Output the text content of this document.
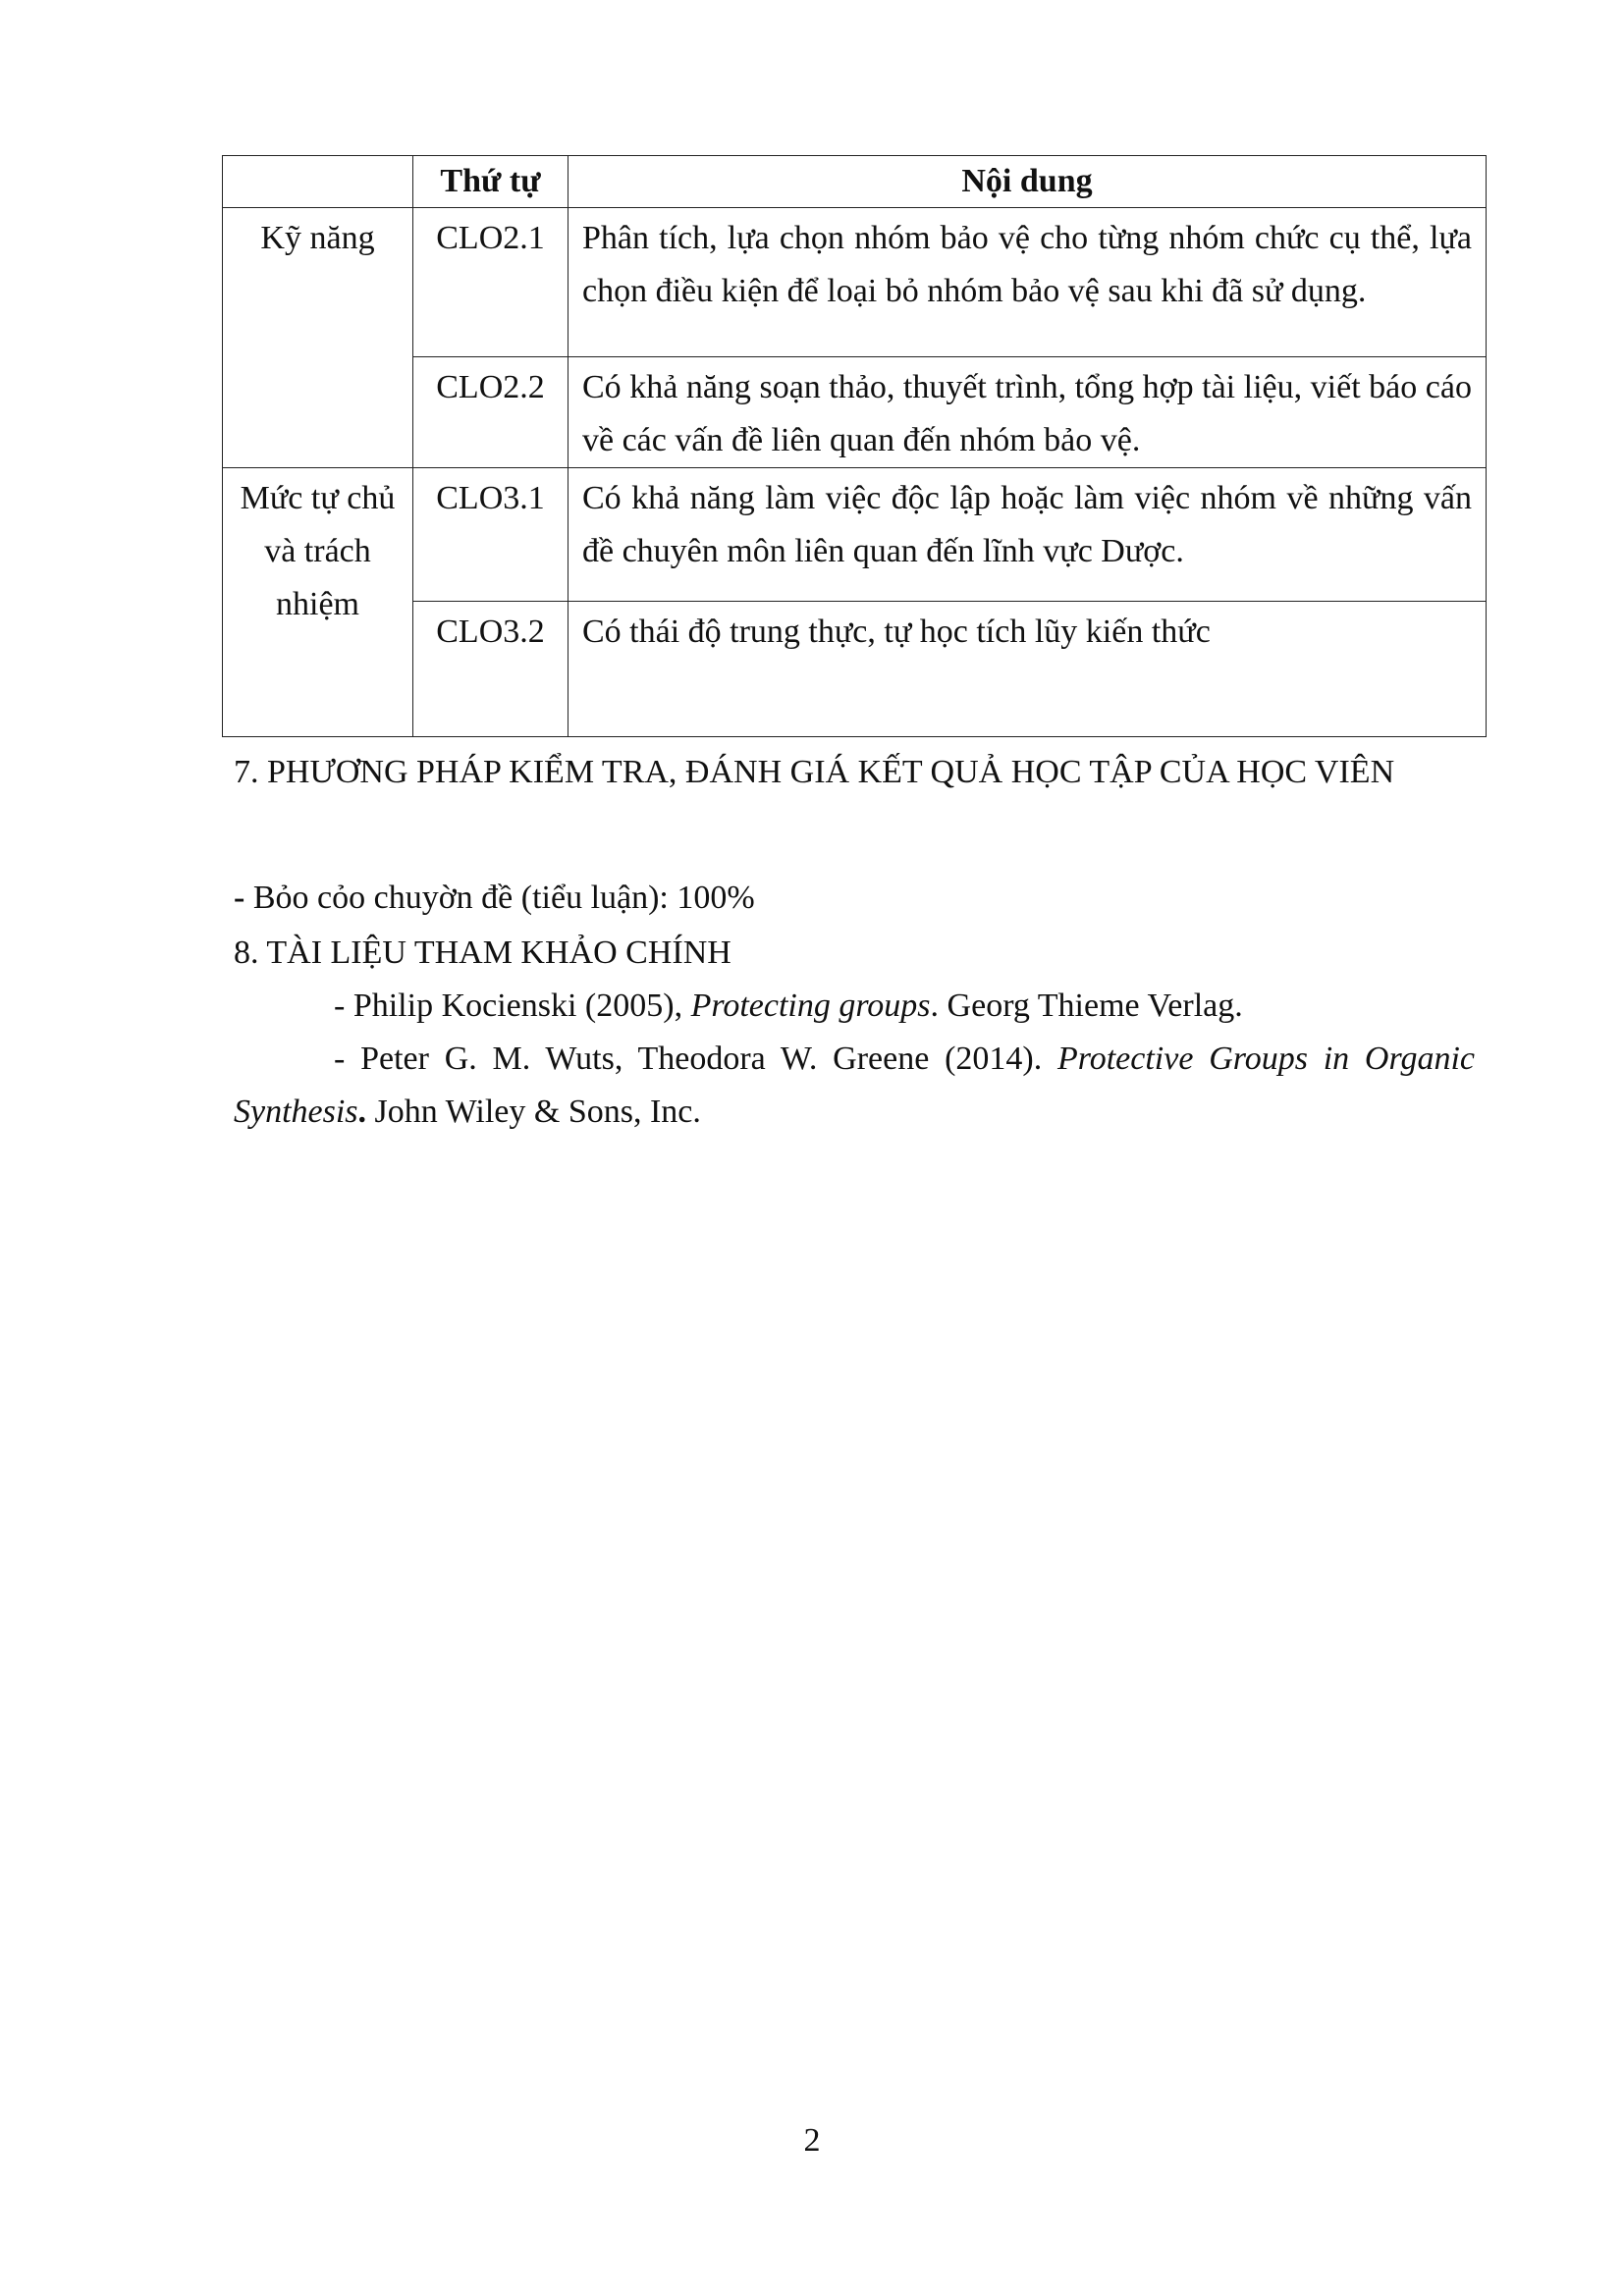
	Thứ tự	Nội dung
Kỹ năng	CLO2.1	Phân tích, lựa chọn nhóm bảo vệ cho từng nhóm chức cụ thể, lựa chọn điều kiện để loại bỏ nhóm bảo vệ sau khi đã sử dụng.
	CLO2.2	Có khả năng soạn thảo, thuyết trình, tổng hợp tài liệu, viết báo cáo về các vấn đề liên quan đến nhóm bảo vệ.
Mức tự chủ và trách nhiệm	CLO3.1	Có khả năng làm việc độc lập hoặc làm việc nhóm về những vấn đề chuyên môn liên quan đến lĩnh vực Dược.
	CLO3.2	Có thái độ trung thực, tự học tích lũy kiến thức

7. PHƯƠNG PHÁP KIỂM TRA, ĐÁNH GIÁ KẾT QUẢ HỌC TẬP CỦA HỌC VIÊN

- Bỏo cỏo chuyờn đề (tiểu luận): 100%

8. TÀI LIỆU THAM KHẢO CHÍNH

- Philip Kocienski (2005), Protecting groups. Georg Thieme Verlag.

- Peter G. M. Wuts, Theodora W. Greene (2014). Protective Groups in Organic Synthesis. John Wiley & Sons, Inc.

2
